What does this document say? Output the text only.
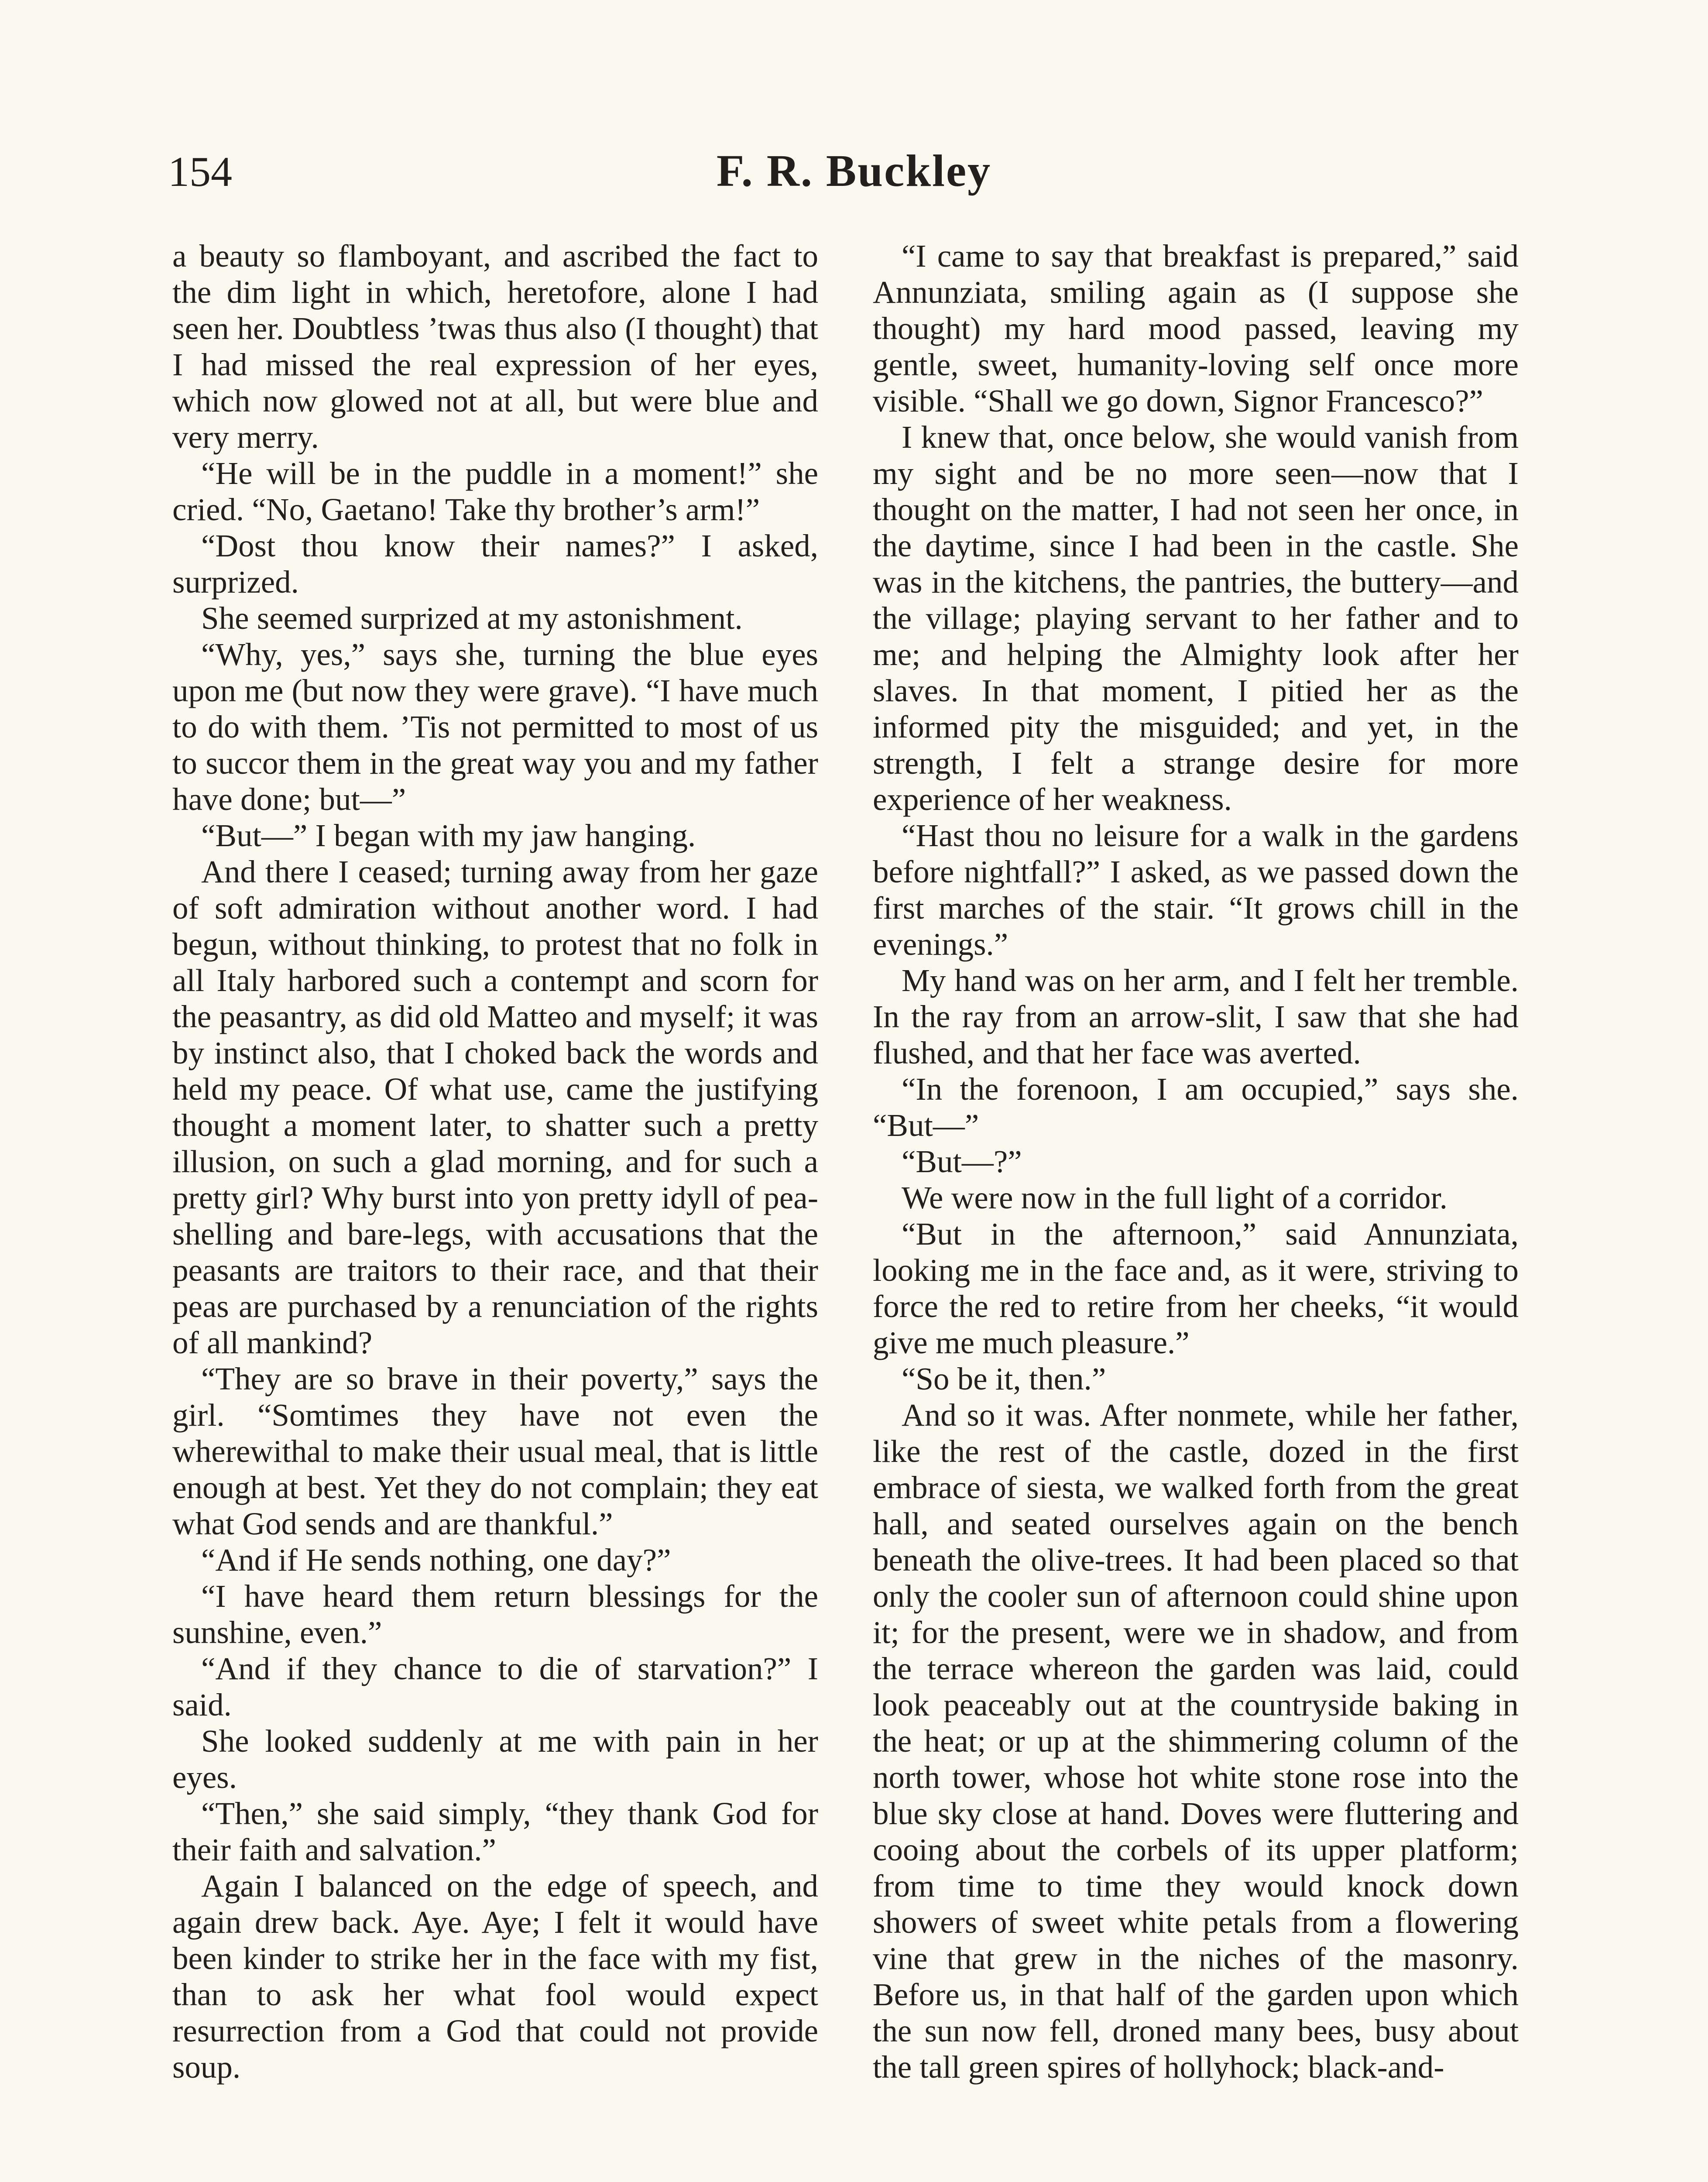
154	F. R. Buckley

a beauty so flamboyant, and ascribed the fact to the dim light in which, heretofore, alone I had seen her. Doubtless ’twas thus also (I thought) that I had missed the real expression of her eyes, which now glowed not at all, but were blue and very merry.

“He will be in the puddle in a moment!” she cried. “No, Gaetano! Take thy brother’s arm!”

“Dost thou know their names?” I asked, surprized.

She seemed surprized at my astonishment.

“Why, yes,” says she, turning the blue eyes upon me (but now they were grave). “I have much to do with them. ’Tis not permitted to most of us to succor them in the great way you and my father have done; but—”

“But—” I began with my jaw hanging.

And there I ceased; turning away from her gaze of soft admiration without another word. I had begun, without thinking, to protest that no folk in all Italy harbored such a contempt and scorn for the peasantry, as did old Matteo and myself; it was by instinct also, that I choked back the words and held my peace. Of what use, came the justifying thought a moment later, to shatter such a pretty illusion, on such a glad morning, and for such a pretty girl? Why burst into yon pretty idyll of pea-shelling and bare-legs, with accusations that the peasants are traitors to their race, and that their peas are purchased by a renunciation of the rights of all mankind?

“They are so brave in their poverty,” says the girl. “Somtimes they have not even the wherewithal to make their usual meal, that is little enough at best. Yet they do not complain; they eat what God sends and are thankful.”

“And if He sends nothing, one day?”

“I have heard them return blessings for the sunshine, even.”

“And if they chance to die of starvation?” I said.

She looked suddenly at me with pain in her eyes.

“Then,” she said simply, “they thank God for their faith and salvation.”

Again I balanced on the edge of speech, and again drew back. Aye. Aye; I felt it would have been kinder to strike her in the face with my fist, than to ask her what fool would expect resurrection from a God that could not provide soup.

“I came to say that breakfast is prepared,” said Annunziata, smiling again as (I suppose she thought) my hard mood passed, leaving my gentle, sweet, humanity-loving self once more visible. “Shall we go down, Signor Francesco?”

I knew that, once below, she would vanish from my sight and be no more seen—now that I thought on the matter, I had not seen her once, in the daytime, since I had been in the castle. She was in the kitchens, the pantries, the buttery—and the village; playing servant to her father and to me; and helping the Almighty look after her slaves. In that moment, I pitied her as the informed pity the misguided; and yet, in the strength, I felt a strange desire for more experience of her weakness.

“Hast thou no leisure for a walk in the gardens before nightfall?” I asked, as we passed down the first marches of the stair. “It grows chill in the evenings.”

My hand was on her arm, and I felt her tremble. In the ray from an arrow-slit, I saw that she had flushed, and that her face was averted.

“In the forenoon, I am occupied,” says she. “But—”

“But—?”

We were now in the full light of a corridor.

“But in the afternoon,” said Annunziata, looking me in the face and, as it were, striving to force the red to retire from her cheeks, “it would give me much pleasure.”

“So be it, then.”

And so it was. After nonmete, while her father, like the rest of the castle, dozed in the first embrace of siesta, we walked forth from the great hall, and seated ourselves again on the bench beneath the olive-trees. It had been placed so that only the cooler sun of afternoon could shine upon it; for the present, were we in shadow, and from the terrace whereon the garden was laid, could look peaceably out at the countryside baking in the heat; or up at the shimmering column of the north tower, whose hot white stone rose into the blue sky close at hand. Doves were fluttering and cooing about the corbels of its upper platform; from time to time they would knock down showers of sweet white petals from a flowering vine that grew in the niches of the masonry. Before us, in that half of the garden upon which the sun now fell, droned many bees, busy about the tall green spires of hollyhock; black-and-
